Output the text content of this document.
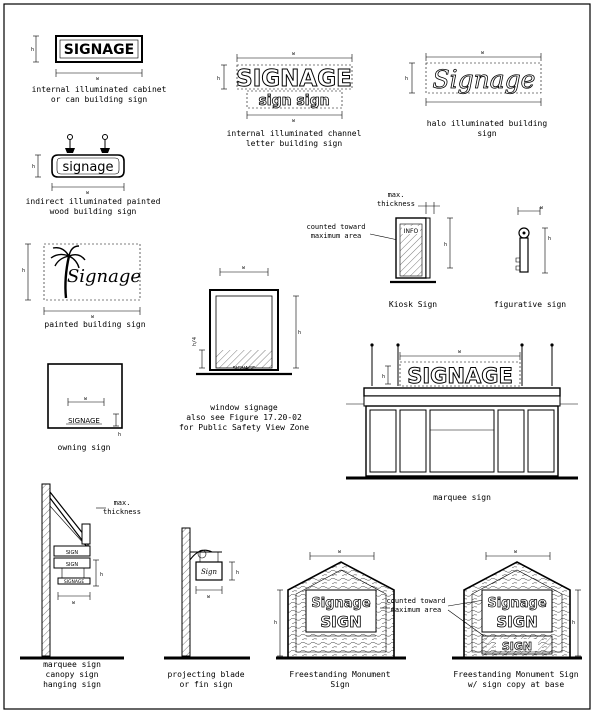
SIGNAGE
h
w
internal illuminated cabinet
or can building sign
w
SIGNAGE
sign sign
h
w
internal illuminated channel
letter building sign
w
Signage
h
halo illuminated building
sign
signage
h
w
indirect illuminated painted
wood building sign
max.
thickness
counted toward
maximum area
INFO
h
Kiosk Sign
w
h
figurative sign
Signage
h
w
painted building sign
w
SIGNAGE
h
h/4
window signage
also see Figure 17.20-02
for Public Safety View Zone
w
SIGNAGE
h
owning sign
w
SIGNAGE
h
marquee sign
max.
thickness
SIGN
SIGN
SIGNAGE
h
w
marquee sign
canopy sign
hanging sign
Sign	h
w
projecting blade
or fin sign
w
Signage
SIGN
h
Freestanding Monument
Sign
counted toward
maximum area
w
Signage
SIGN
SIGN
h
Freestanding Monument Sign
w/ sign copy at base
